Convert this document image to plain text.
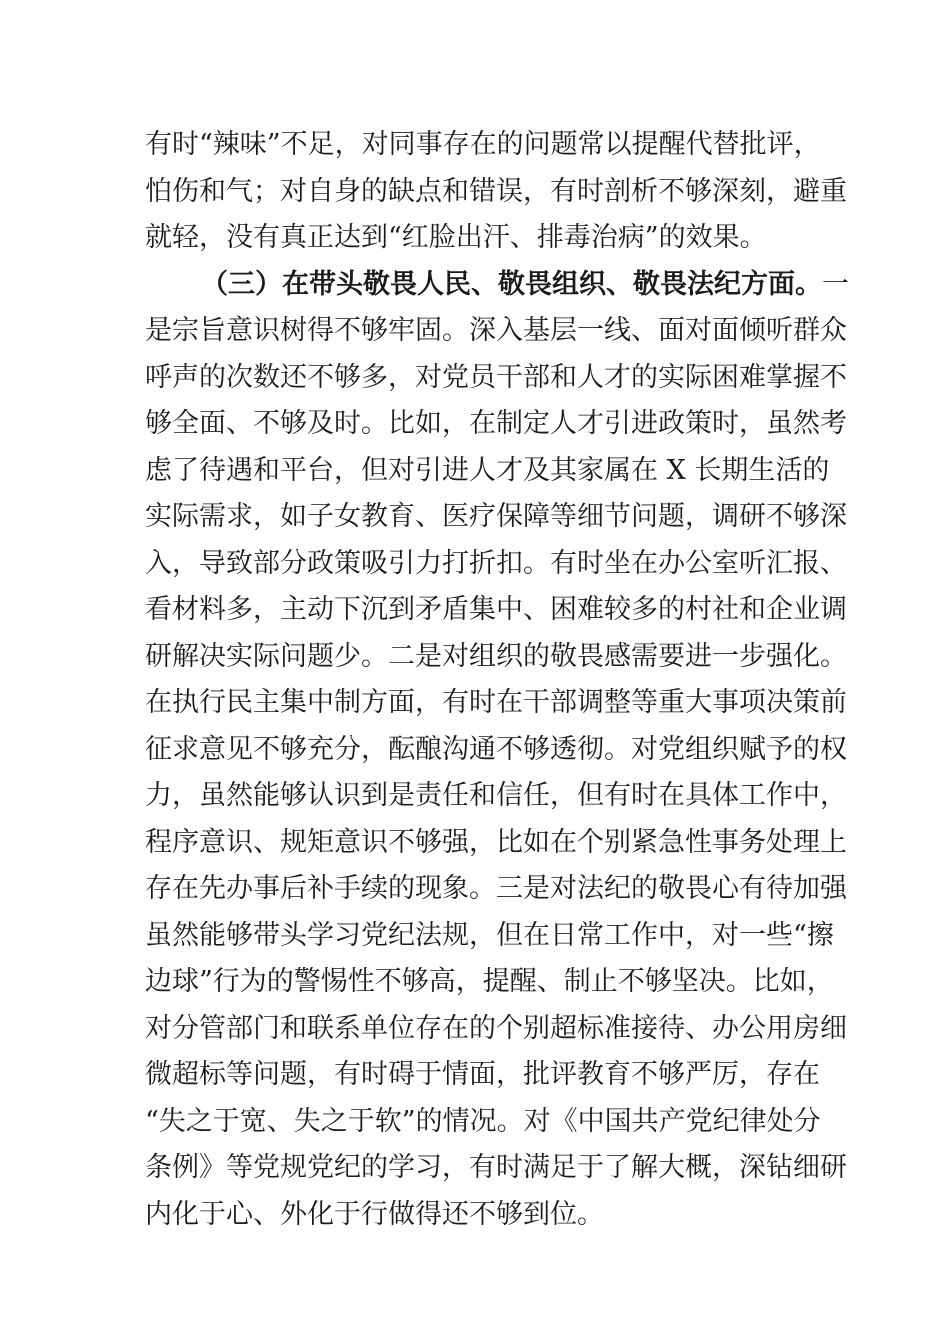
有时“辣味”不足，对同事存在的问题常以提醒代替批评，
怕伤和气；对自身的缺点和错误，有时剖析不够深刻，避重
就轻，没有真正达到“红脸出汗、排毒治病”的效果。
（三）在带头敬畏人民、敬畏组织、敬畏法纪方面。一
是宗旨意识树得不够牢固。深入基层一线、面对面倾听群众
呼声的次数还不够多，对党员干部和人才的实际困难掌握不
够全面、不够及时。比如，在制定人才引进政策时，虽然考
虑了待遇和平台，但对引进人才及其家属在 X 长期生活的
实际需求，如子女教育、医疗保障等细节问题，调研不够深
入，导致部分政策吸引力打折扣。有时坐在办公室听汇报、
看材料多，主动下沉到矛盾集中、困难较多的村社和企业调
研解决实际问题少。二是对组织的敬畏感需要进一步强化。
在执行民主集中制方面，有时在干部调整等重大事项决策前
征求意见不够充分，酝酿沟通不够透彻。对党组织赋予的权
力，虽然能够认识到是责任和信任，但有时在具体工作中，
程序意识、规矩意识不够强，比如在个别紧急性事务处理上
存在先办事后补手续的现象。三是对法纪的敬畏心有待加强
虽然能够带头学习党纪法规，但在日常工作中，对一些“擦
边球”行为的警惕性不够高，提醒、制止不够坚决。比如，
对分管部门和联系单位存在的个别超标准接待、办公用房细
微超标等问题，有时碍于情面，批评教育不够严厉，存在
“失之于宽、失之于软”的情况。对《中国共产党纪律处分
条例》等党规党纪的学习，有时满足于了解大概，深钻细研
内化于心、外化于行做得还不够到位。
